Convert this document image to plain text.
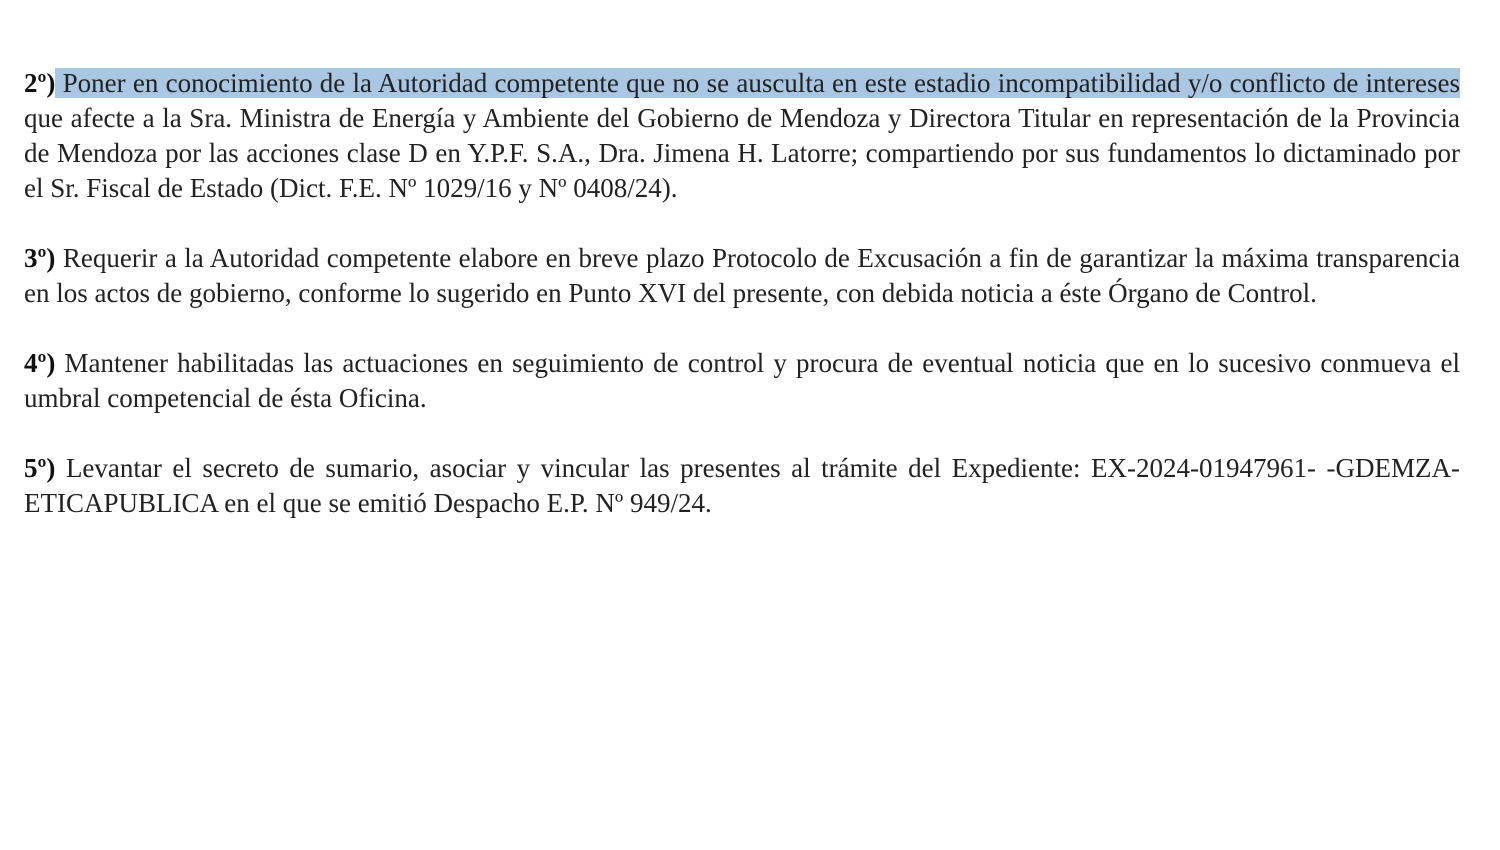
2º) Poner en conocimiento de la Autoridad competente que no se ausculta en este estadio incompatibilidad y/o conflicto de intereses que afecte a la Sra. Ministra de Energía y Ambiente del Gobierno de Mendoza y Directora Titular en representación de la Provincia de Mendoza por las acciones clase D en Y.P.F. S.A., Dra. Jimena H. Latorre; compartiendo por sus fundamentos lo dictaminado por el Sr. Fiscal de Estado (Dict. F.E. Nº 1029/16 y Nº 0408/24).

3º) Requerir a la Autoridad competente elabore en breve plazo Protocolo de Excusación a fin de garantizar la máxima transparencia en los actos de gobierno, conforme lo sugerido en Punto XVI del presente, con debida noticia a éste Órgano de Control.

4º) Mantener habilitadas las actuaciones en seguimiento de control y procura de eventual noticia que en lo sucesivo conmueva el umbral competencial de ésta Oficina.

5º) Levantar el secreto de sumario, asociar y vincular las presentes al trámite del Expediente: EX-2024-01947961- -GDEMZA-ETICAPUBLICA en el que se emitió Despacho E.P. Nº 949/24.
